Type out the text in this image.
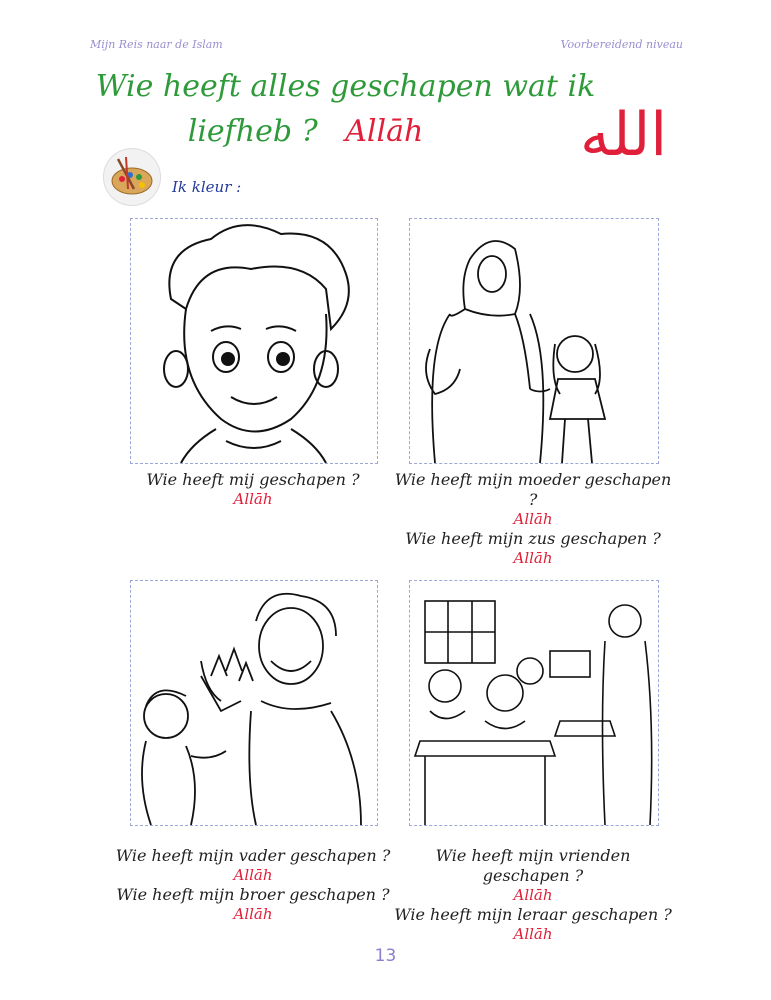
Mijn Reis naar de Islam	Voorbereidend niveau
Wie heeft alles geschapen wat ik
liefheb ? Allāh	الله
Ik kleur :
Wie heeft mij geschapen ?
Allāh
Wie heeft mijn moeder geschapen ?
Allāh
Wie heeft mijn zus geschapen ?
Allāh
Wie heeft mijn vader geschapen ?
Allāh
Wie heeft mijn broer geschapen ?
Allāh
Wie heeft mijn vrienden geschapen ?
Allāh
Wie heeft mijn leraar geschapen ?
Allāh
13
